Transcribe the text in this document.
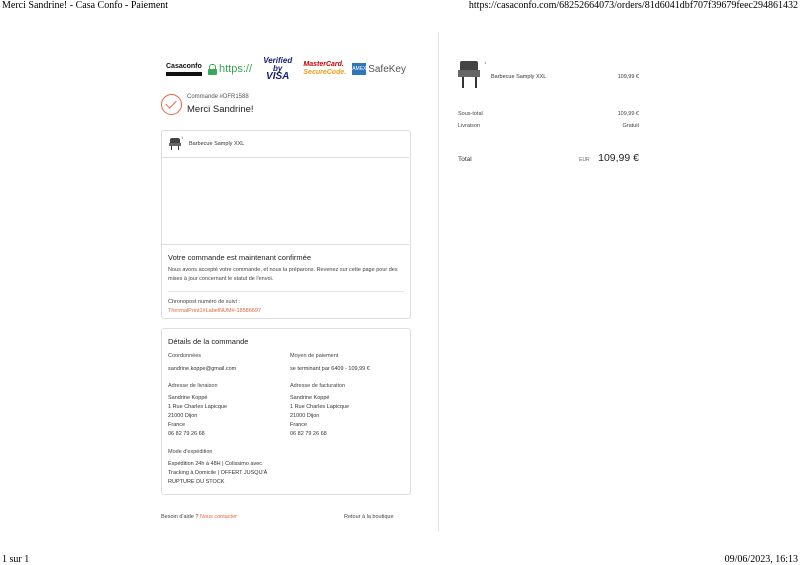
Merci Sandrine! - Casa Confo - Paiement	https://casaconfo.com/68252664073/orders/81d6041dbf707f39679feec294861432
1 sur 1	09/06/2023, 16:13
Casaconfo https://
Verified by
VISA
MasterCard.
SecureCode. AMEX SafeKey
Commande #DFR1588
Merci Sandrine!
1
Barbecue Samply XXL
Votre commande est maintenant confirmée
Nous avons accepté votre commande, et nous la préparons. Revenez sur cette page pour des mises à jour concernant le statut de l'envoi.
Chronopost numéro de suivi :
ThermalPrint1#LabelNUM#-18586697
Détails de la commande
Coordonnées
sandrine.koppe@gmail.com
Moyen de paiement
se terminant par 6409 - 109,99 €
Adresse de livraison
Sandrine Koppé
1 Rue Charles Lapicque
21000 Dijon
France
06 82 79 26 68
Adresse de facturation
Sandrine Koppé
1 Rue Charles Lapicque
21000 Dijon
France
06 82 79 26 68
Mode d'expédition
Expédition 24h à 48H | Colissimo avec
Tracking à Domicile | OFFERT JUSQU'À
RUPTURE DU STOCK
Besoin d'aide ? Nous contacter	Retour à la boutique
1
Barbecue Samply XXL	109,99 €
Sous-total	109,99 €
Livraison	Gratuit
Total	EUR 109,99 €
